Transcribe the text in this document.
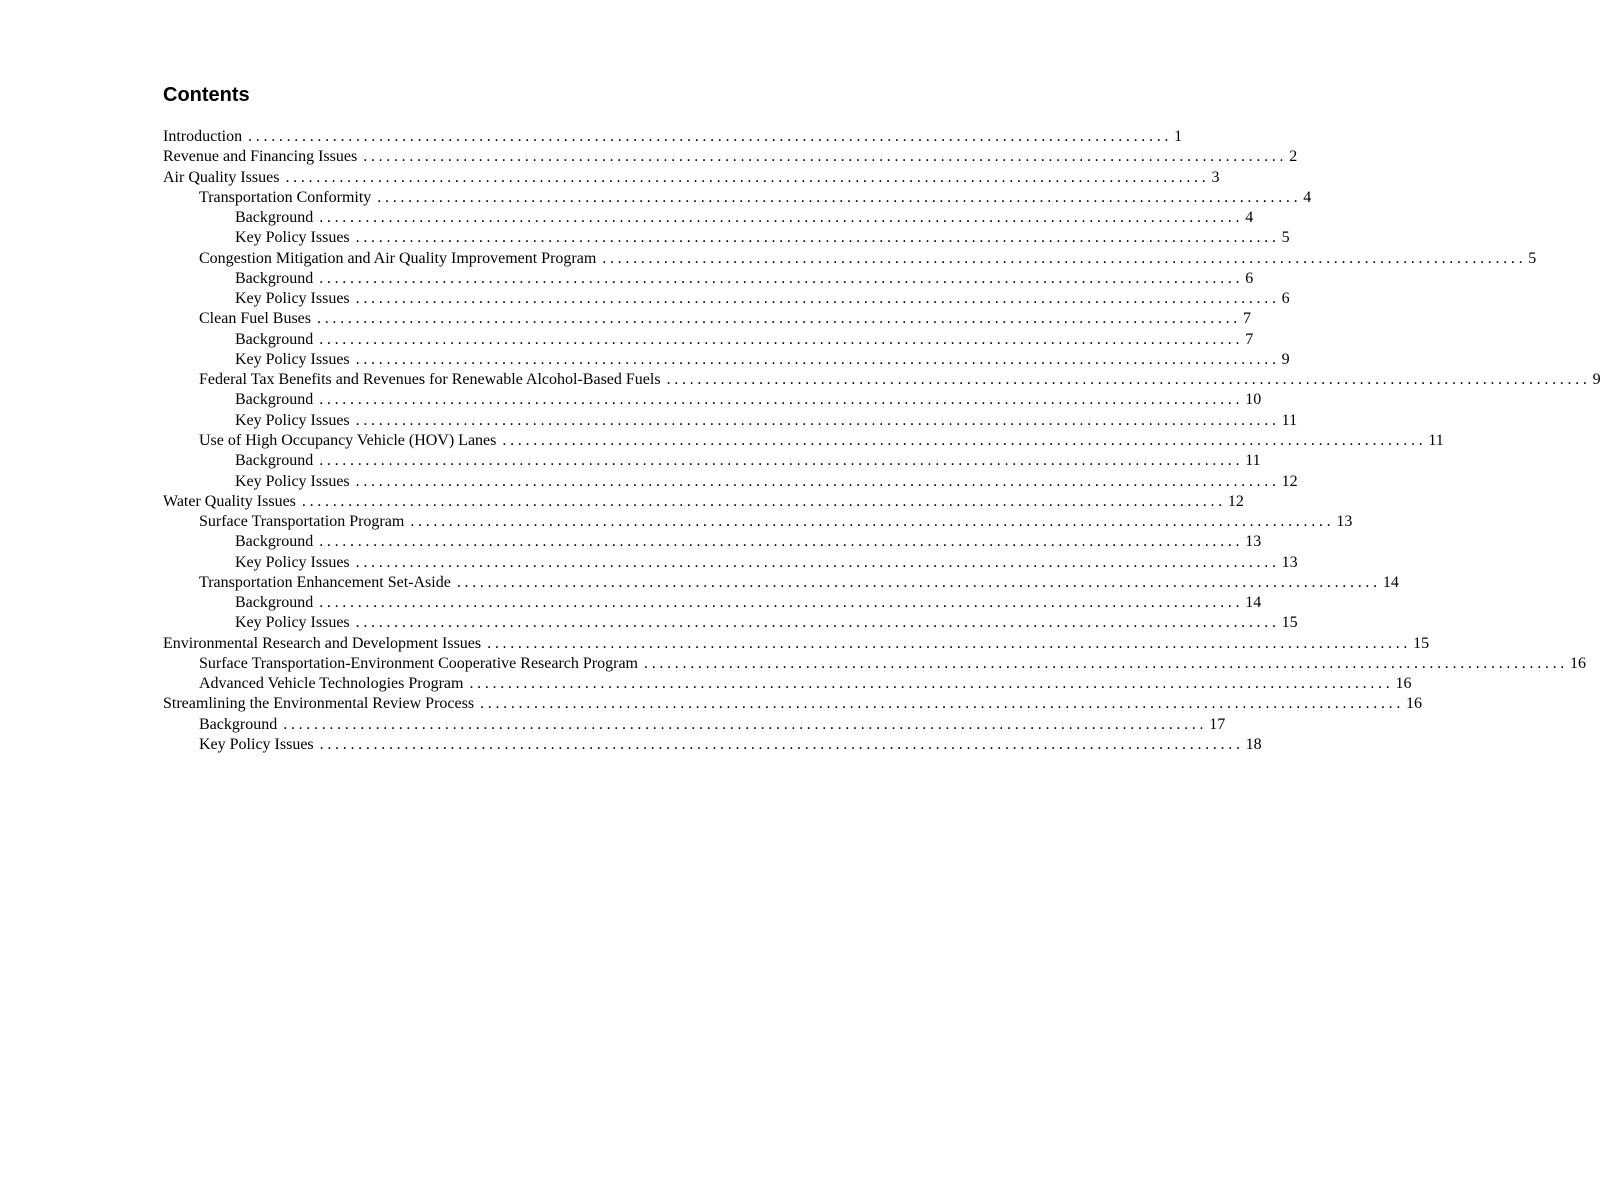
Contents
Introduction ........................................................................................................................ 1
Revenue and Financing Issues ........................................................................................................................ 2
Air Quality Issues ........................................................................................................................ 3
Transportation Conformity ........................................................................................................................ 4
Background ........................................................................................................................ 4
Key Policy Issues ........................................................................................................................ 5
Congestion Mitigation and Air Quality Improvement Program ........................................................................................................................ 5
Background ........................................................................................................................ 6
Key Policy Issues ........................................................................................................................ 6
Clean Fuel Buses ........................................................................................................................ 7
Background ........................................................................................................................ 7
Key Policy Issues ........................................................................................................................ 9
Federal Tax Benefits and Revenues for Renewable Alcohol-Based Fuels ........................................................................................................................ 9
Background ........................................................................................................................ 10
Key Policy Issues ........................................................................................................................ 11
Use of High Occupancy Vehicle (HOV) Lanes ........................................................................................................................ 11
Background ........................................................................................................................ 11
Key Policy Issues ........................................................................................................................ 12
Water Quality Issues ........................................................................................................................ 12
Surface Transportation Program ........................................................................................................................ 13
Background ........................................................................................................................ 13
Key Policy Issues ........................................................................................................................ 13
Transportation Enhancement Set-Aside ........................................................................................................................ 14
Background ........................................................................................................................ 14
Key Policy Issues ........................................................................................................................ 15
Environmental Research and Development Issues ........................................................................................................................ 15
Surface Transportation-Environment Cooperative Research Program ........................................................................................................................ 16
Advanced Vehicle Technologies Program ........................................................................................................................ 16
Streamlining the Environmental Review Process ........................................................................................................................ 16
Background ........................................................................................................................ 17
Key Policy Issues ........................................................................................................................ 18
